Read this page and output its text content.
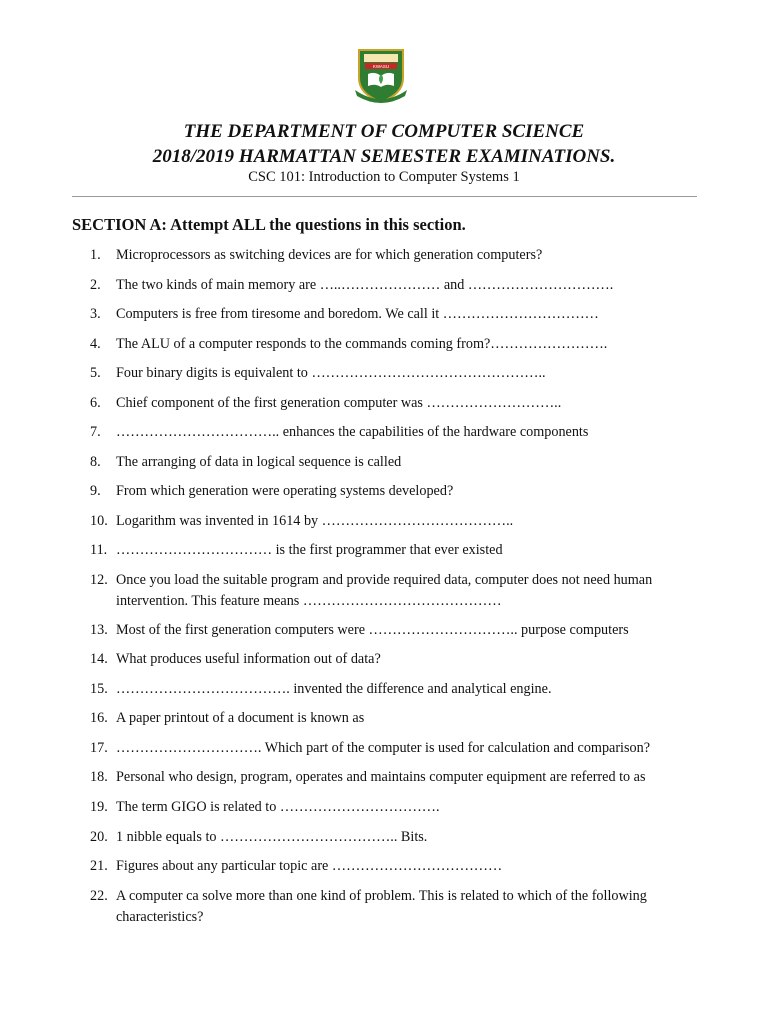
KWASU
THE DEPARTMENT OF COMPUTER SCIENCE
2018/2019 HARMATTAN SEMESTER EXAMINATIONS.
CSC 101: Introduction to Computer Systems 1
SECTION A: Attempt ALL the questions in this section.
1.	Microprocessors as switching devices are for which generation computers?
2.	The two kinds of main memory are …..………………… and ………………………….
3.	Computers is free from tiresome and boredom. We call it ……………………………
4.	The ALU of a computer responds to the commands coming from?…………………….
5.	Four binary digits is equivalent to …………………………………………..
6.	Chief component of the first generation computer was ………………………..
7.	…………………………….. enhances the capabilities of the hardware components
8.	The arranging of data in logical sequence is called
9.	From which generation were operating systems developed?
10. Logarithm was invented in 1614 by …………………………………..
11. …………………………… is the first programmer that ever existed
12. Once you load the suitable program and provide required data, computer does not need human intervention. This feature means ……………………………………
13. Most of the first generation computers were ………………………….. purpose computers
14. What produces useful information out of data?
15. ………………………………. invented the difference and analytical engine.
16. A paper printout of a document is known as
17. …………………………. Which part of the computer is used for calculation and comparison?
18. Personal who design, program, operates and maintains computer equipment are referred to as
19. The term GIGO is related to …………………………….
20. 1 nibble equals to ……………………………….. Bits.
21. Figures about any particular topic are ………………………………
22. A computer ca solve more than one kind of problem. This is related to which of the following characteristics?
